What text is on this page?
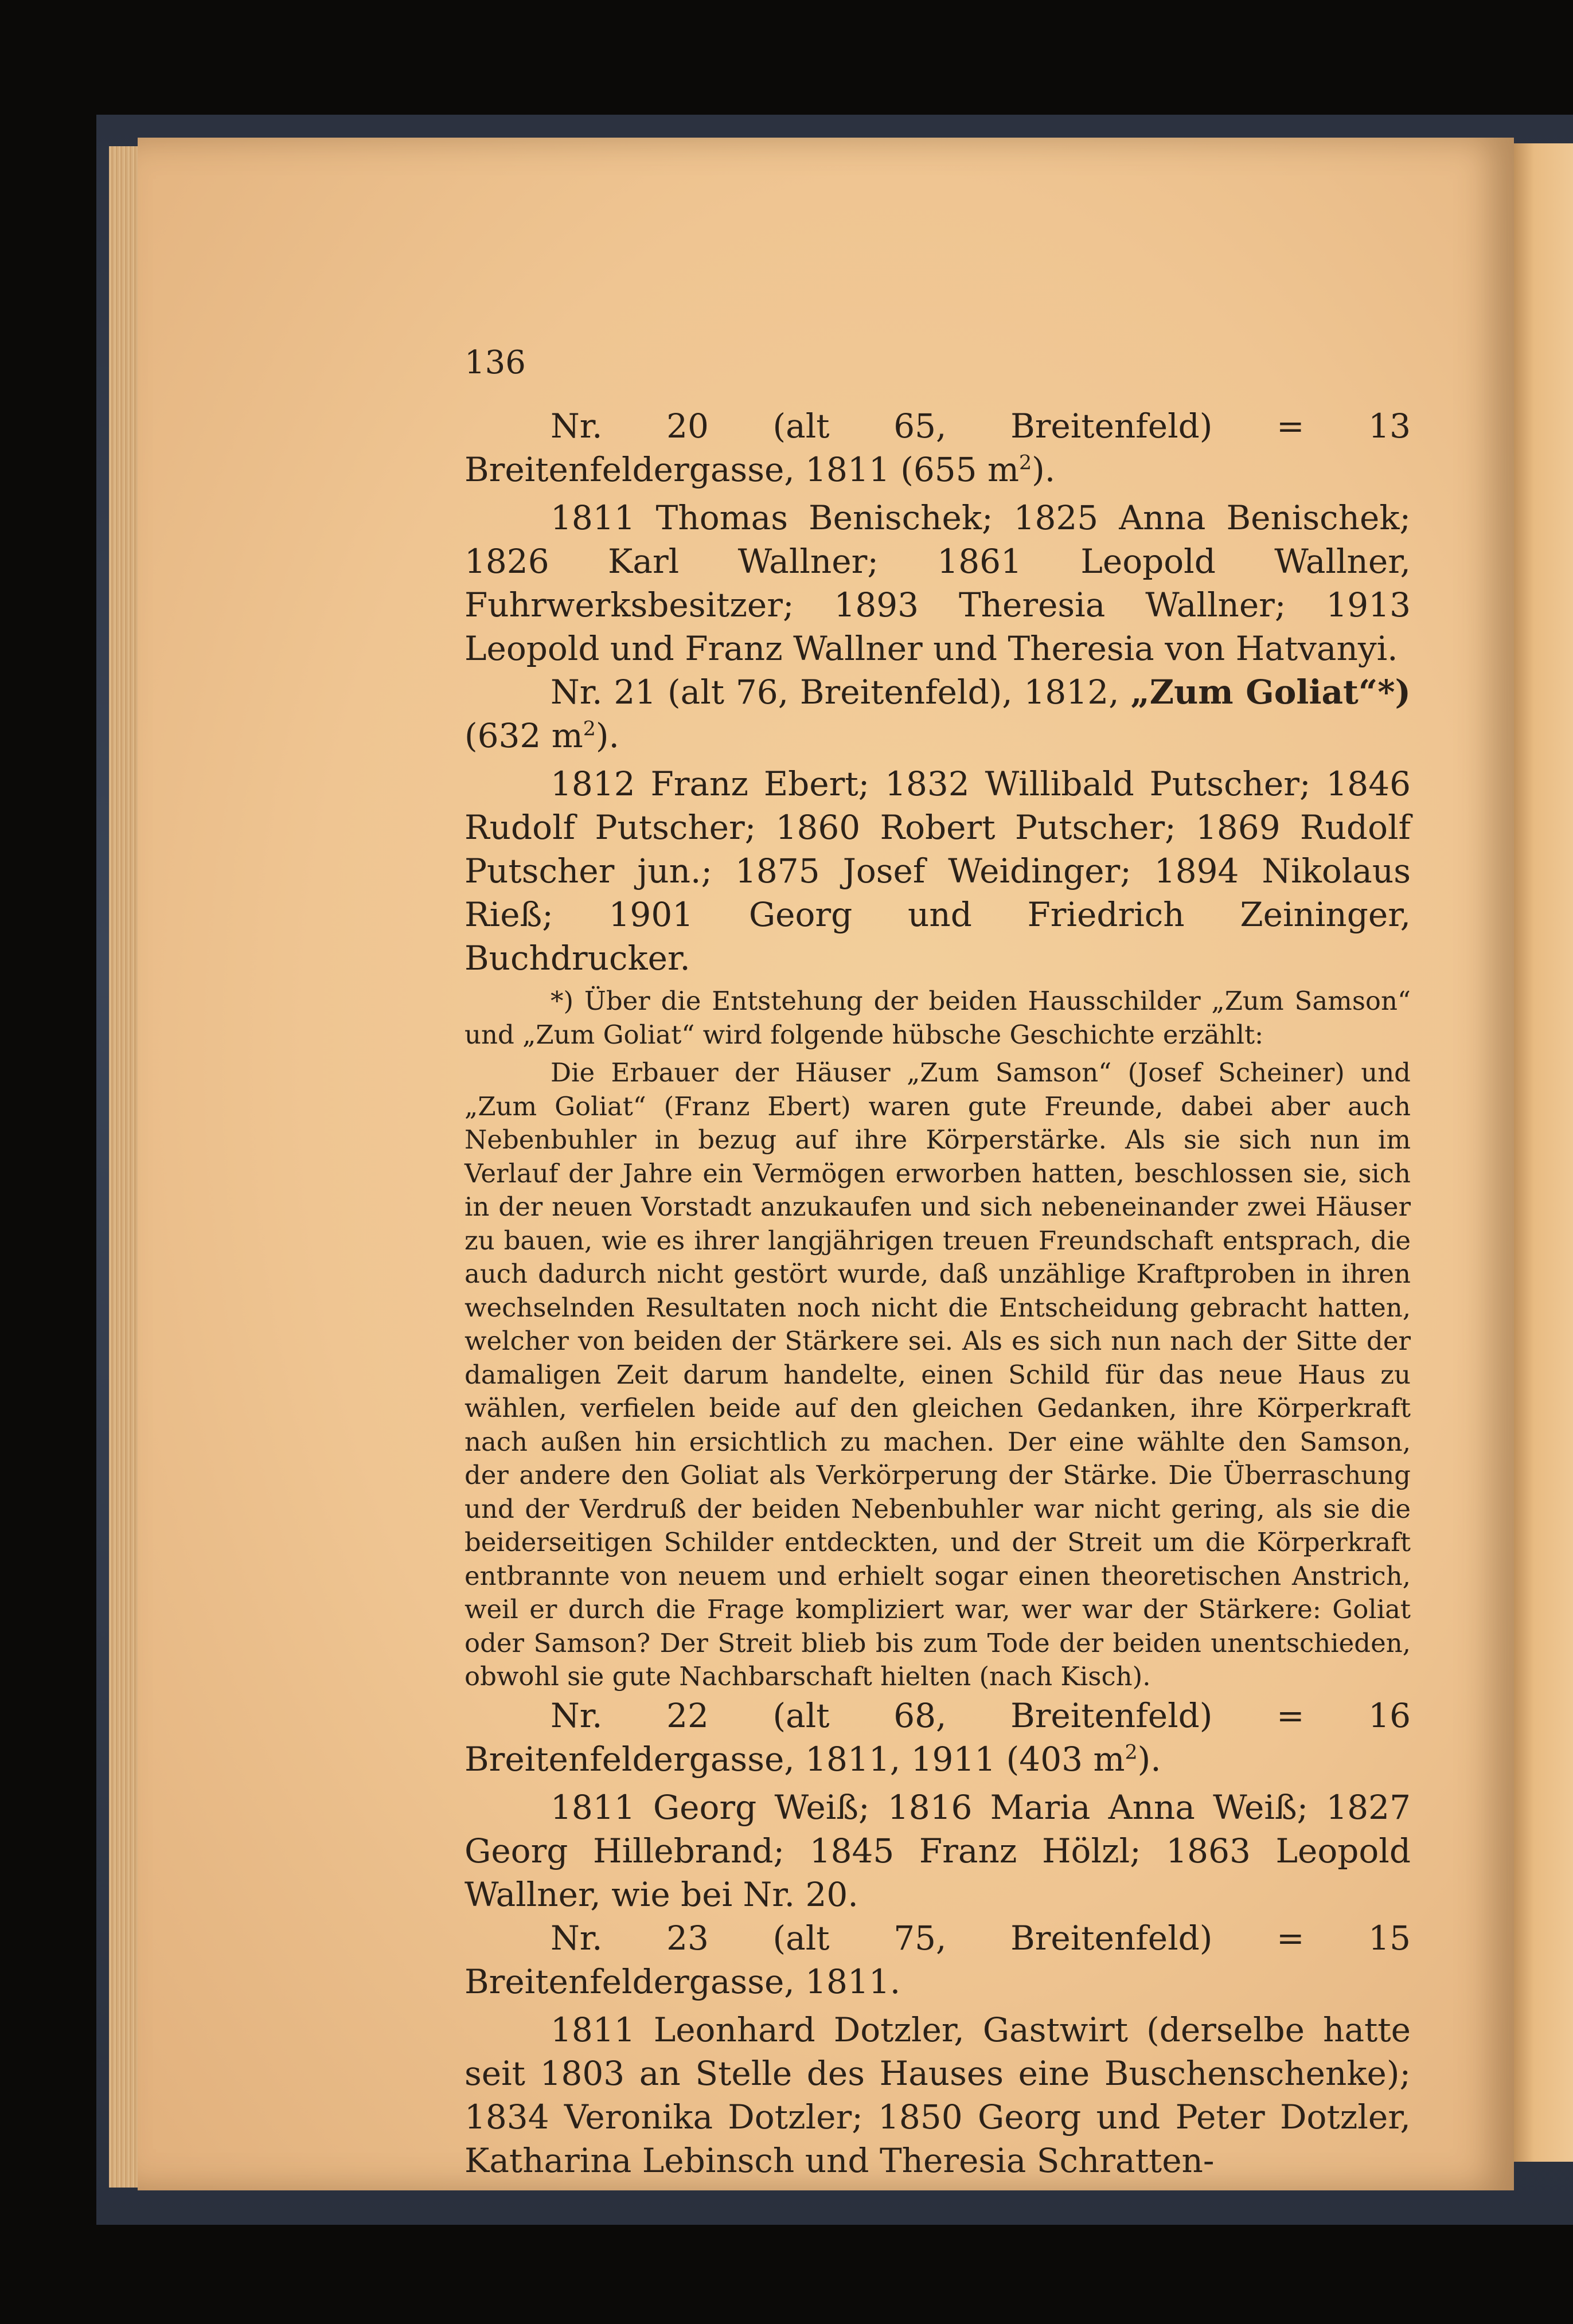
136

Nr. 20 (alt 65, Breitenfeld) = 13 Breitenfeldergasse, 1811 (655 $m^2$).

1811 Thomas Benischek; 1825 Anna Benischek; 1826 Karl Wallner; 1861 Leopold Wallner, Fuhrwerksbesitzer; 1893 Theresia Wallner; 1913 Leopold und Franz Wallner und Theresia von Hatvanyi.

Nr. 21 (alt 76, Breitenfeld), 1812, „Zum Goliat“*) (632 $m^2$).

1812 Franz Ebert; 1832 Willibald Putscher; 1846 Rudolf Putscher; 1860 Robert Putscher; 1869 Rudolf Putscher jun.; 1875 Josef Weidinger; 1894 Nikolaus Rieß; 1901 Georg und Friedrich Zeininger, Buchdrucker.

*) Über die Entstehung der beiden Hausschilder „Zum Samson“ und „Zum Goliat“ wird folgende hübsche Geschichte erzählt:

Die Erbauer der Häuser „Zum Samson“ (Josef Scheiner) und „Zum Goliat“ (Franz Ebert) waren gute Freunde, dabei aber auch Nebenbuhler in bezug auf ihre Körperstärke. Als sie sich nun im Verlauf der Jahre ein Vermögen erworben hatten, beschlossen sie, sich in der neuen Vorstadt anzukaufen und sich nebeneinander zwei Häuser zu bauen, wie es ihrer langjährigen treuen Freundschaft entsprach, die auch dadurch nicht gestört wurde, daß unzählige Kraftproben in ihren wechselnden Resultaten noch nicht die Entscheidung gebracht hatten, welcher von beiden der Stärkere sei. Als es sich nun nach der Sitte der damaligen Zeit darum handelte, einen Schild für das neue Haus zu wählen, verfielen beide auf den gleichen Gedanken, ihre Körperkraft nach außen hin ersichtlich zu machen. Der eine wählte den Samson, der andere den Goliat als Verkörperung der Stärke. Die Überraschung und der Verdruß der beiden Nebenbuhler war nicht gering, als sie die beiderseitigen Schilder entdeckten, und der Streit um die Körperkraft entbrannte von neuem und erhielt sogar einen theoretischen Anstrich, weil er durch die Frage kompliziert war, wer war der Stärkere: Goliat oder Samson? Der Streit blieb bis zum Tode der beiden unentschieden, obwohl sie gute Nachbarschaft hielten (nach Kisch).

Nr. 22 (alt 68, Breitenfeld) = 16 Breitenfeldergasse, 1811, 1911 (403 $m^2$).

1811 Georg Weiß; 1816 Maria Anna Weiß; 1827 Georg Hillebrand; 1845 Franz Hölzl; 1863 Leopold Wallner, wie bei Nr. 20.

Nr. 23 (alt 75, Breitenfeld) = 15 Breitenfeldergasse, 1811.

1811 Leonhard Dotzler, Gastwirt (derselbe hatte seit 1803 an Stelle des Hauses eine Buschenschenke); 1834 Veronika Dotzler; 1850 Georg und Peter Dotzler, Katharina Lebinsch und Theresia Schratten-
